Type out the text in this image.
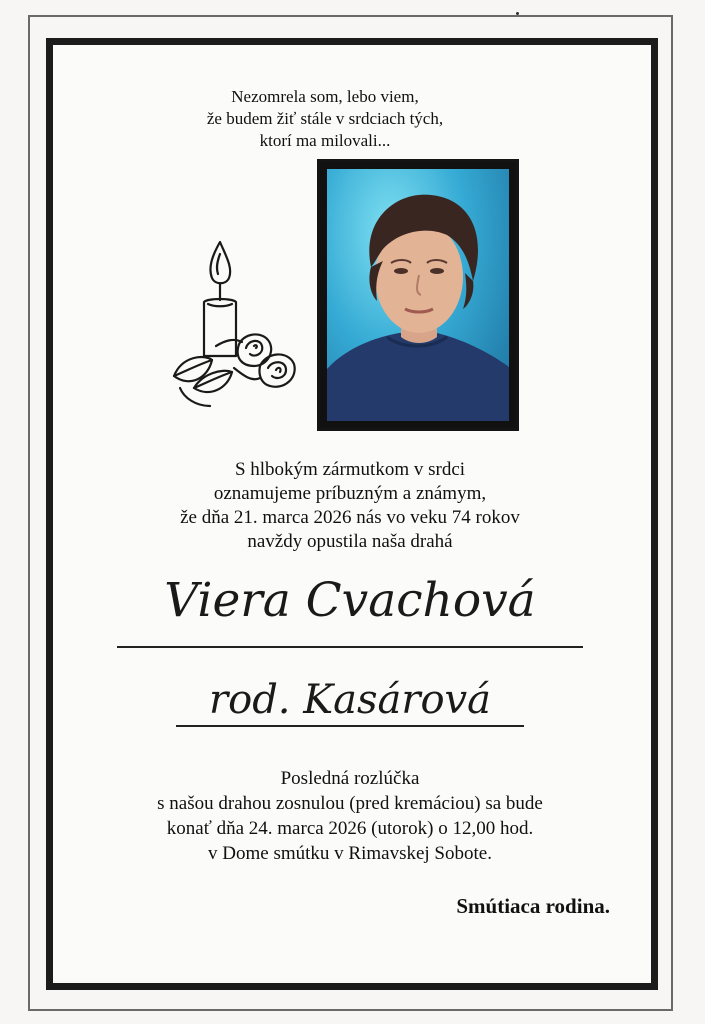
Nezomrela som, lebo viem,
že budem žiť stále v srdciach tých,
ktorí ma milovali...
S hlbokým zármutkom v srdci
oznamujeme príbuzným a známym,
že dňa 21. marca 2026 nás vo veku 74 rokov
navždy opustila naša drahá
Viera Cvachová
rod. Kasárová
Posledná rozlúčka
s našou drahou zosnulou (pred kremáciou) sa bude
konať dňa 24. marca 2026 (utorok) o 12,00 hod.
v Dome smútku v Rimavskej Sobote.
Smútiaca rodina.
